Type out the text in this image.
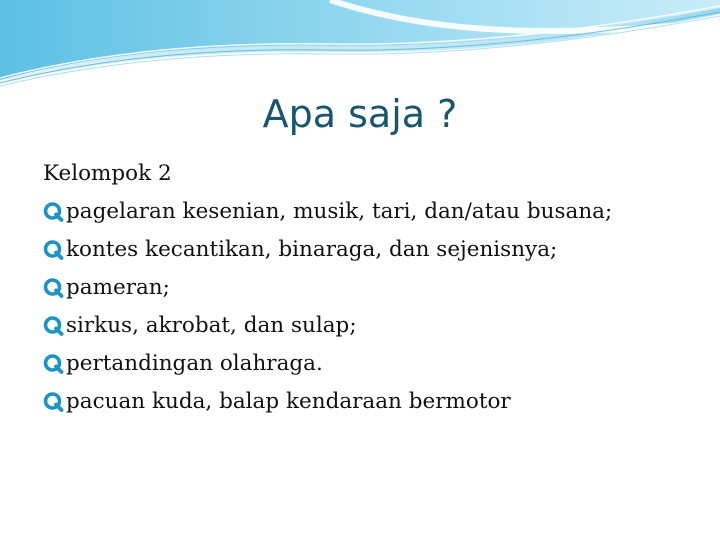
Apa saja ?
Kelompok 2
pagelaran kesenian, musik, tari, dan/atau busana;
kontes kecantikan, binaraga, dan sejenisnya;
pameran;
sirkus, akrobat, dan sulap;
pertandingan olahraga.
pacuan kuda, balap kendaraan bermotor
